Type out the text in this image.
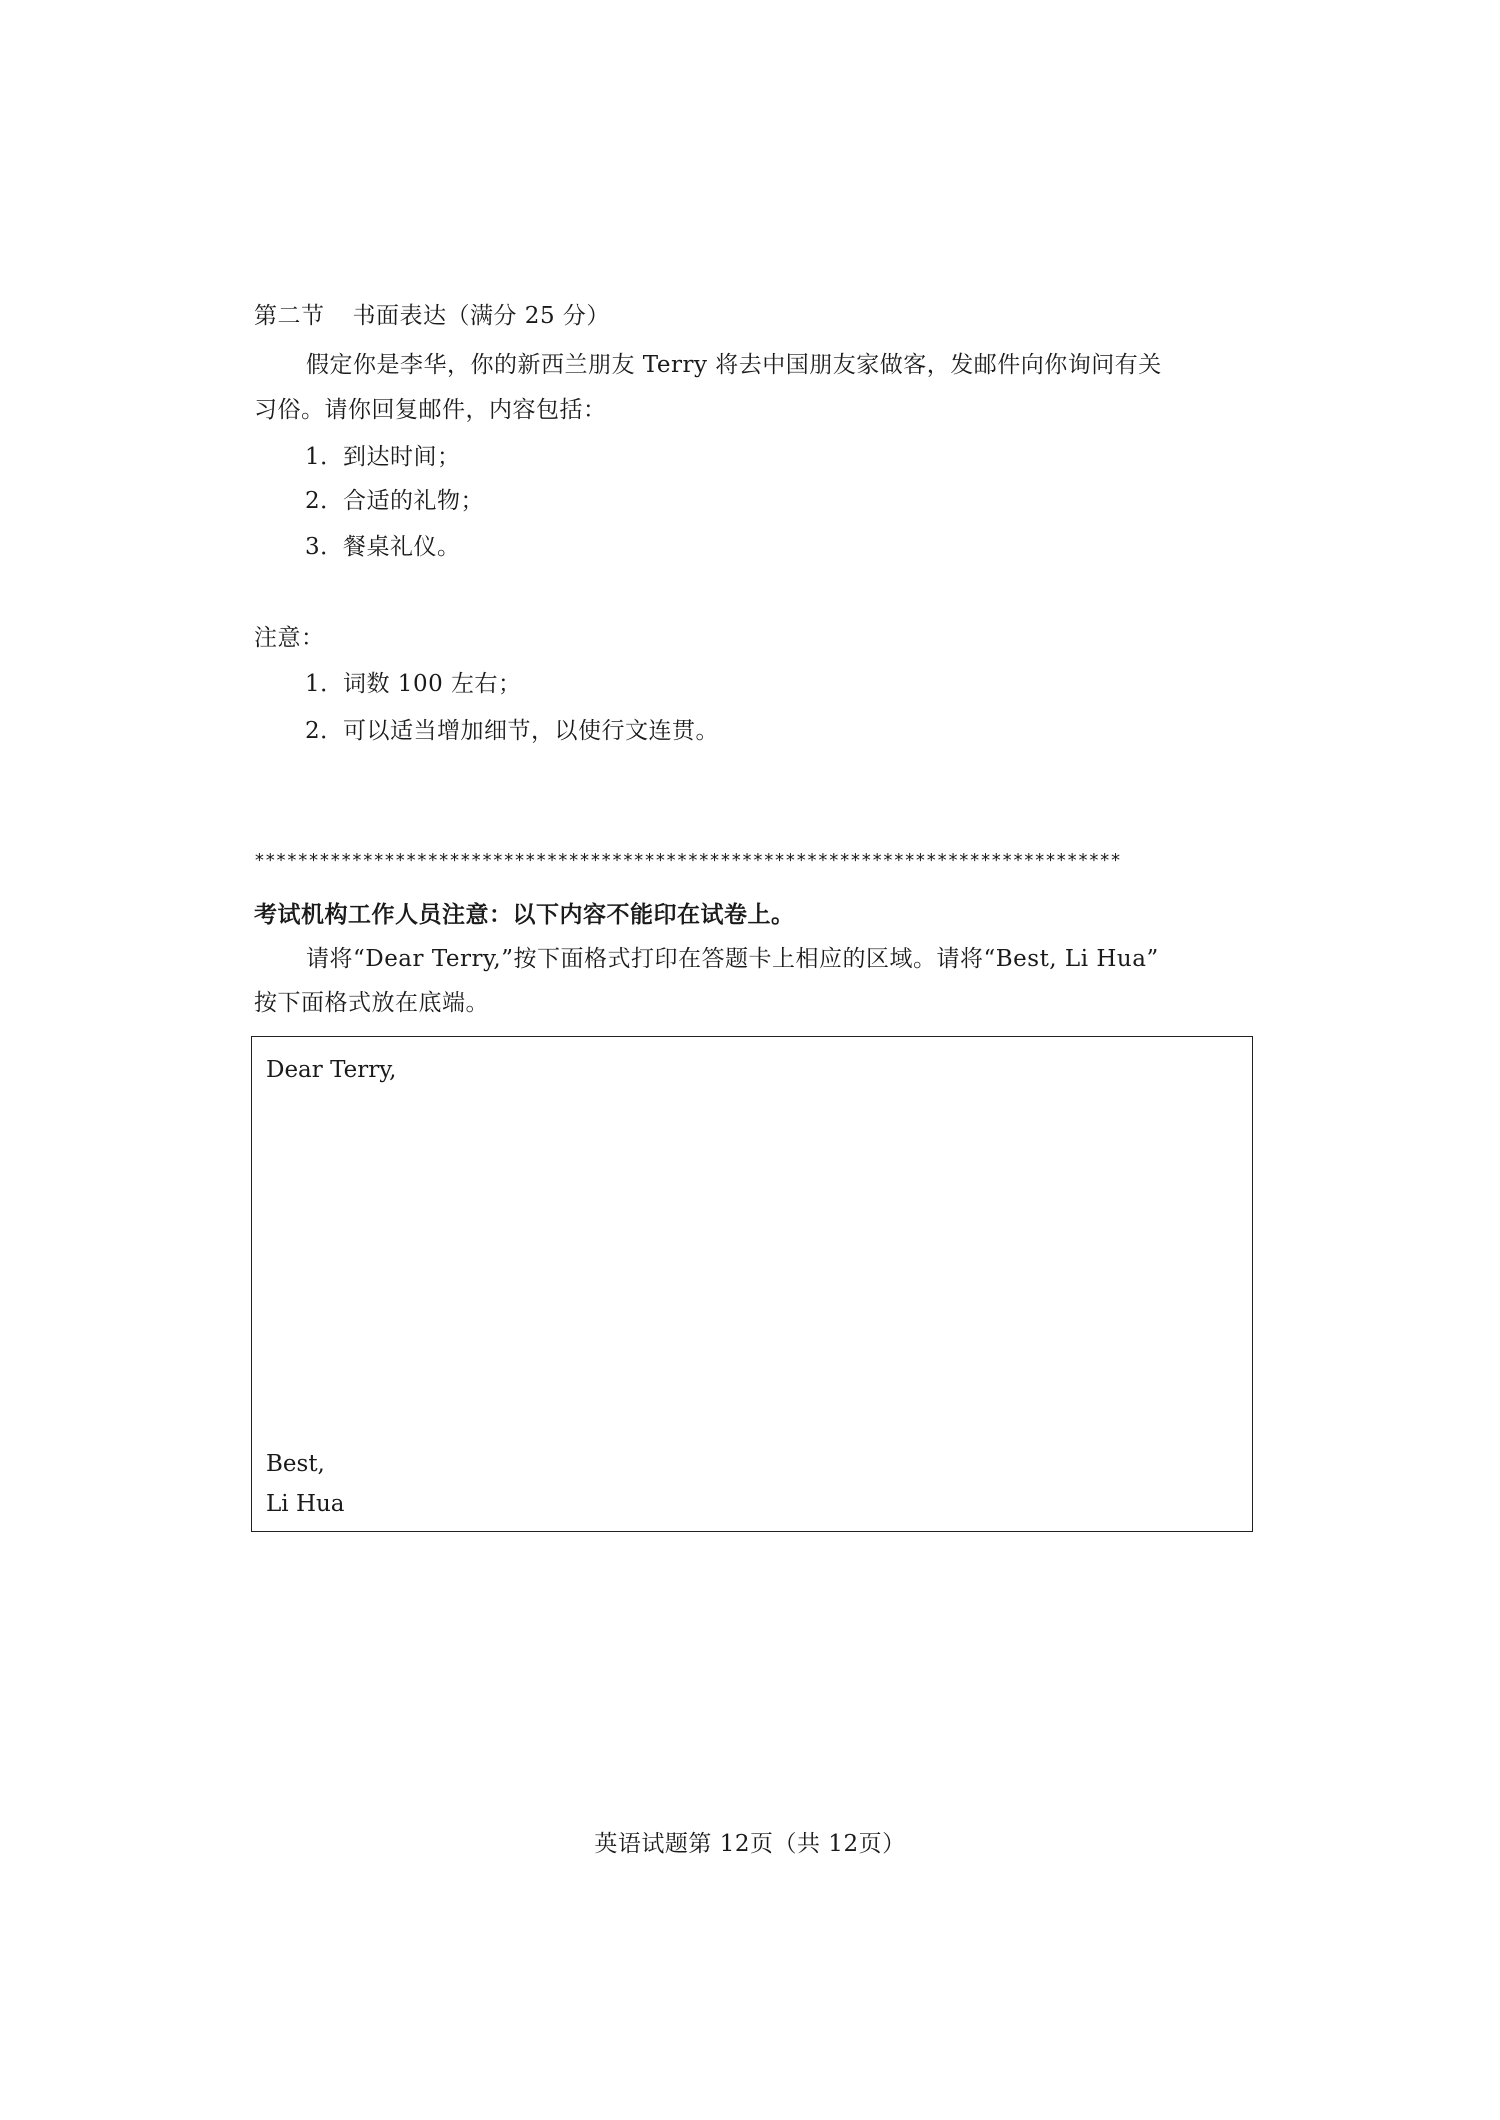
第二节 书面表达（满分 25 分）
假定你是李华，你的新西兰朋友 Terry 将去中国朋友家做客，发邮件向你询问有关
习俗。请你回复邮件，内容包括：
1．到达时间；
2．合适的礼物；
3．餐桌礼仪。
注意：
1．词数 100 左右；
2．可以适当增加细节，以使行文连贯。
********************************************************************************
考试机构工作人员注意：以下内容不能印在试卷上。
请将“Dear Terry,”按下面格式打印在答题卡上相应的区域。请将“Best, Li Hua”
按下面格式放在底端。
Dear Terry,
Best,
Li Hua
英语试题第 12页（共 12页）
